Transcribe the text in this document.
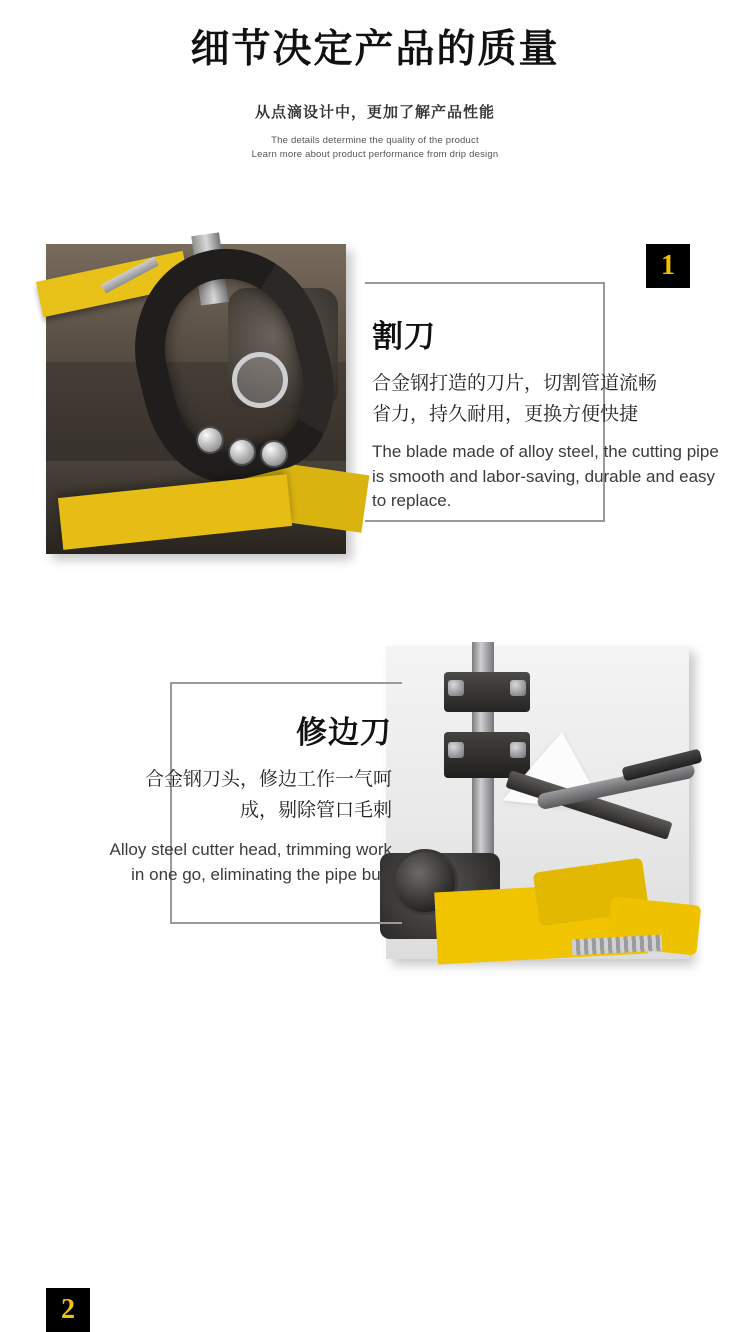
细节决定产品的质量
从点滴设计中，更加了解产品性能
The details determine the quality of the product
Learn more about product performance from drip design
1
割刀
合金钢打造的刀片，切割管道流畅
省力，持久耐用，更换方便快捷
The blade made of alloy steel, the cutting pipe is smooth and labor-saving, durable and easy to replace.
2
修边刀
合金钢刀头，修边工作一气呵
成，剔除管口毛刺
Alloy steel cutter head, trimming work
in one go, eliminating the pipe burr
